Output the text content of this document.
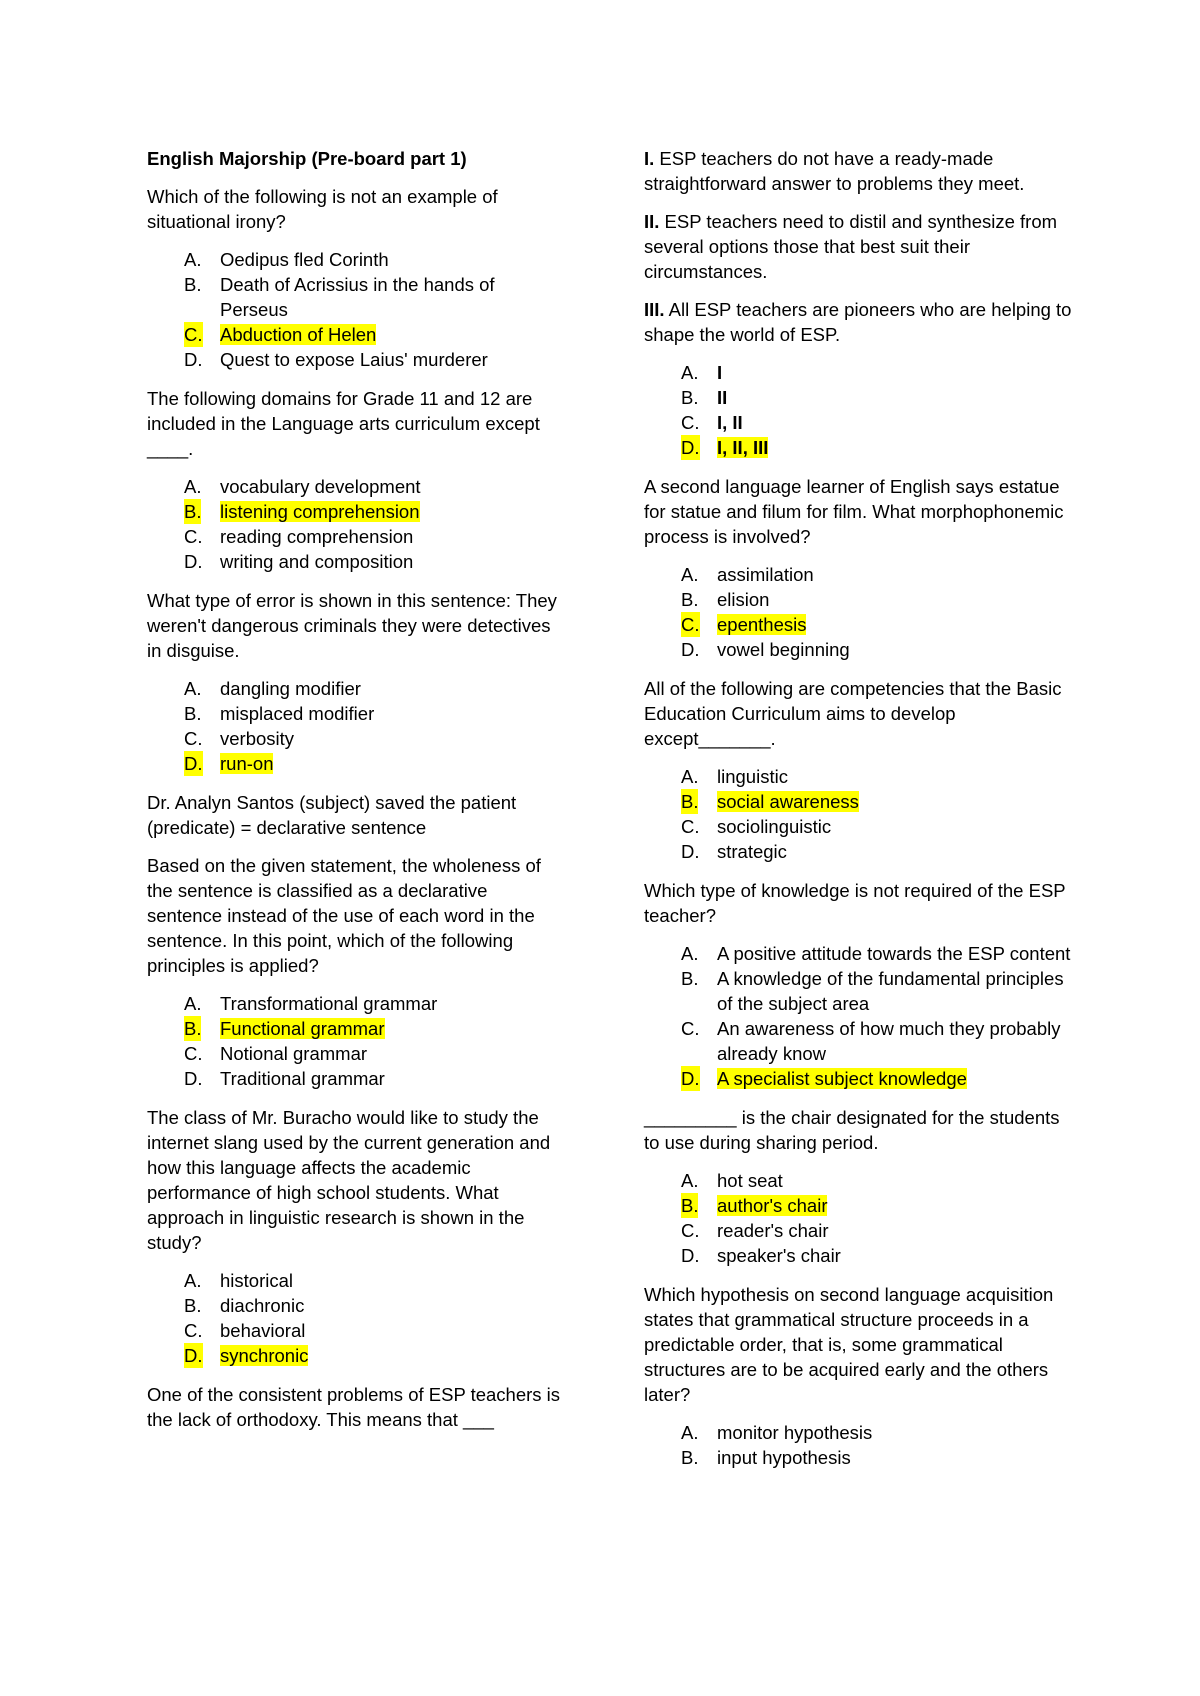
English Majorship (Pre-board part 1)

Which of the following is not an example of situational irony?

A. Oedipus fled Corinth
B. Death of Acrissius in the hands of Perseus
C. Abduction of Helen
D. Quest to expose Laius' murderer

The following domains for Grade 11 and 12 are included in the Language arts curriculum except ____.

A. vocabulary development
B. listening comprehension
C. reading comprehension
D. writing and composition

What type of error is shown in this sentence: They weren't dangerous criminals they were detectives in disguise.

A. dangling modifier
B. misplaced modifier
C. verbosity
D. run-on

Dr. Analyn Santos (subject) saved the patient (predicate) = declarative sentence

Based on the given statement, the wholeness of the sentence is classified as a declarative sentence instead of the use of each word in the sentence. In this point, which of the following principles is applied?

A. Transformational grammar
B. Functional grammar
C. Notional grammar
D. Traditional grammar

The class of Mr. Buracho would like to study the internet slang used by the current generation and how this language affects the academic performance of high school students. What approach in linguistic research is shown in the study?

A. historical
B. diachronic
C. behavioral
D. synchronic

One of the consistent problems of ESP teachers is the lack of orthodoxy. This means that ___

I. ESP teachers do not have a ready-made straightforward answer to problems they meet.

II. ESP teachers need to distil and synthesize from several options those that best suit their circumstances.

III. All ESP teachers are pioneers who are helping to shape the world of ESP.

A. I
B. II
C. I, II
D. I, II, III

A second language learner of English says estatue for statue and filum for film. What morphophonemic process is involved?

A. assimilation
B. elision
C. epenthesis
D. vowel beginning

All of the following are competencies that the Basic Education Curriculum aims to develop except_______.

A. linguistic
B. social awareness
C. sociolinguistic
D. strategic

Which type of knowledge is not required of the ESP teacher?

A. A positive attitude towards the ESP content
B. A knowledge of the fundamental principles of the subject area
C. An awareness of how much they probably already know
D. A specialist subject knowledge

_________ is the chair designated for the students to use during sharing period.

A. hot seat
B. author's chair
C. reader's chair
D. speaker's chair

Which hypothesis on second language acquisition states that grammatical structure proceeds in a predictable order, that is, some grammatical structures are to be acquired early and the others later?

A. monitor hypothesis
B. input hypothesis
